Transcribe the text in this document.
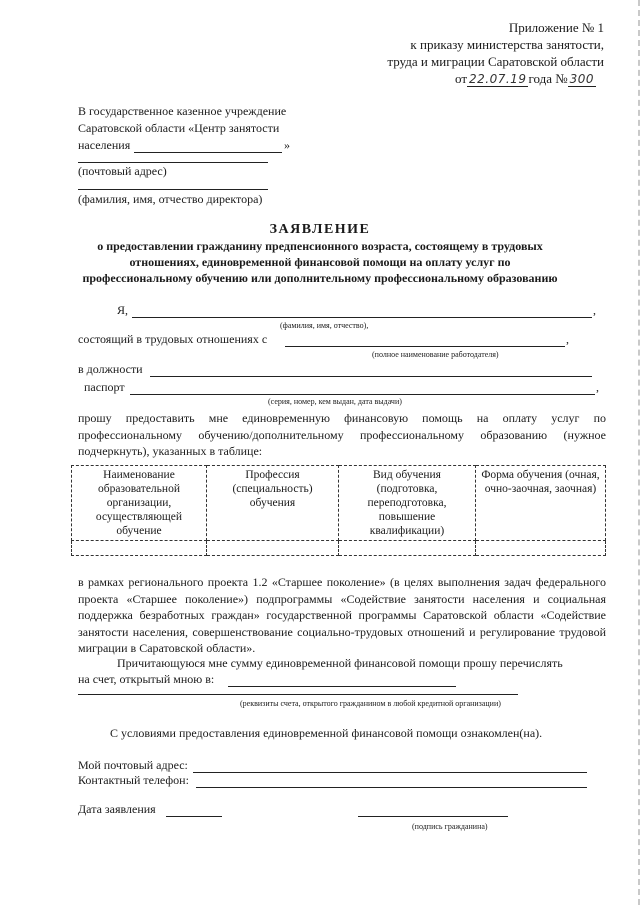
Приложение № 1
к приказу министерства занятости,
труда и миграции Саратовской области
от 22.07.19 года № 300
В государственное казенное учреждение
Саратовской области «Центр занятости
населения	»
(почтовый адрес)
(фамилия, имя, отчество директора)
ЗАЯВЛЕНИЕ
о предоставлении гражданину предпенсионного возраста, состоящему в трудовых
отношениях, единовременной финансовой помощи на оплату услуг по
профессиональному обучению или дополнительному профессиональному образованию
Я,	,
(фамилия, имя, отчество),
состоящий в трудовых отношениях с	,
(полное наименование работодателя)
в должности
паспорт	,
(серия, номер, кем выдан, дата выдачи)
прошу предоставить мне единовременную финансовую помощь на оплату услуг по профессиональному обучению/дополнительному профессиональному образованию (нужное подчеркнуть), указанных в таблице:
Наименование образовательной организации, осуществляющей обучение	Профессия (специальность) обучения	Вид обучения (подготовка, переподготовка, повышение квалификации)	Форма обучения (очная, очно-заочная, заочная)

в рамках регионального проекта 1.2 «Старшее поколение» (в целях выполнения задач федерального проекта «Старшее поколение») подпрограммы «Содействие занятости населения и социальная поддержка безработных граждан» государственной программы Саратовской области «Содействие занятости населения, совершенствование социально-трудовых отношений и регулирование трудовой миграции в Саратовской области».
Причитающуюся мне сумму единовременной финансовой помощи прошу перечислять
на счет, открытый мною в:
(реквизиты счета, открытого гражданином в любой кредитной организации)
С условиями предоставления единовременной финансовой помощи ознакомлен(на).
Мой почтовый адрес:
Контактный телефон:
Дата заявления
(подпись гражданина)
